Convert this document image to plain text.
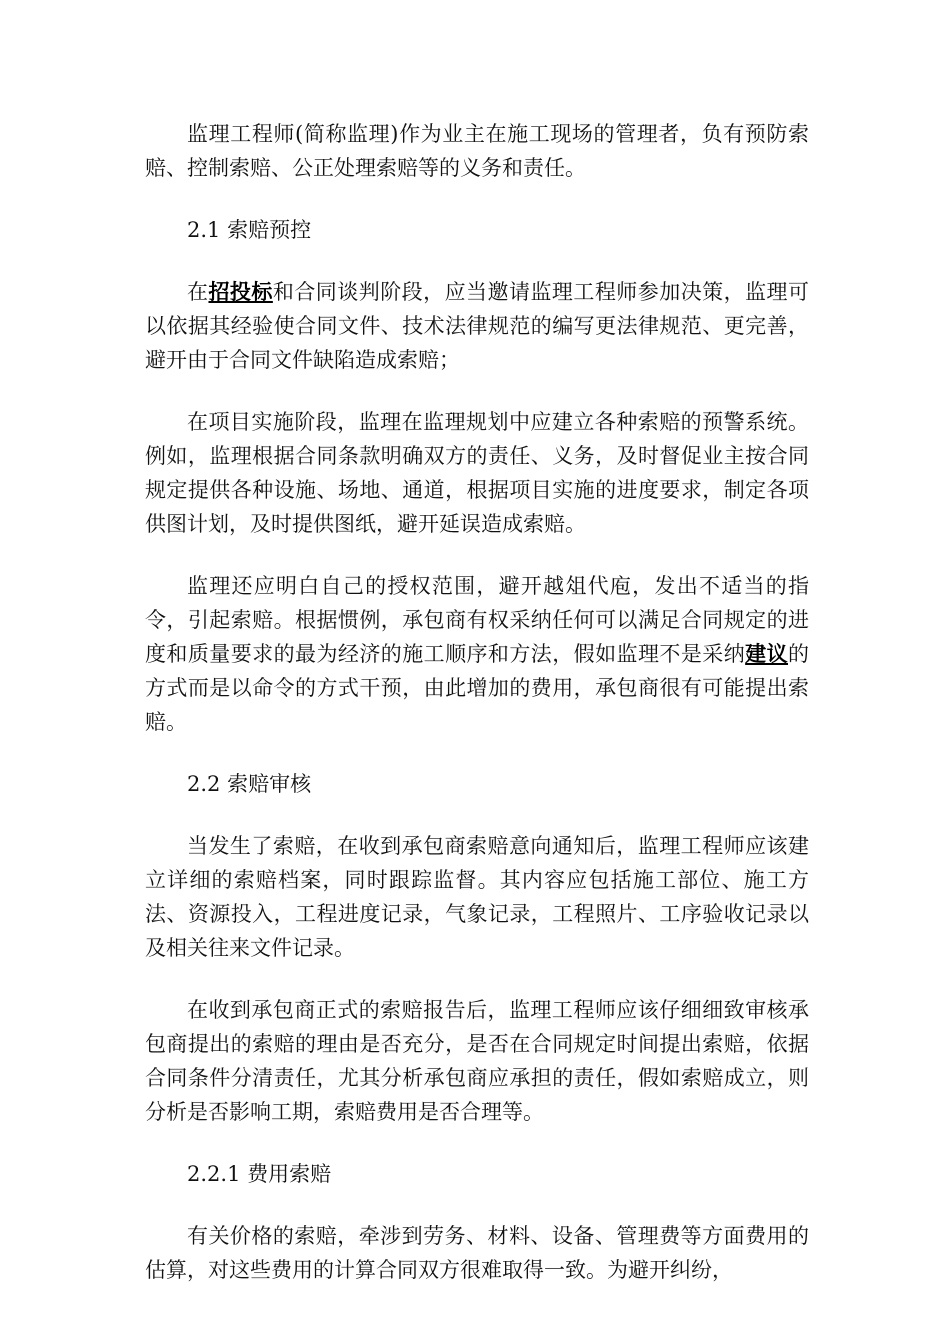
监理工程师(简称监理)作为业主在施工现场的管理者，负有预防索赔、控制索赔、公正处理索赔等的义务和责任。

2.1 索赔预控

在招投标和合同谈判阶段，应当邀请监理工程师参加决策，监理可以依据其经验使合同文件、技术法律规范的编写更法律规范、更完善，避开由于合同文件缺陷造成索赔；

在项目实施阶段，监理在监理规划中应建立各种索赔的预警系统。例如，监理根据合同条款明确双方的责任、义务，及时督促业主按合同规定提供各种设施、场地、通道，根据项目实施的进度要求，制定各项供图计划，及时提供图纸，避开延误造成索赔。

监理还应明白自己的授权范围，避开越俎代庖，发出不适当的指令，引起索赔。根据惯例，承包商有权采纳任何可以满足合同规定的进度和质量要求的最为经济的施工顺序和方法，假如监理不是采纳建议的方式而是以命令的方式干预，由此增加的费用，承包商很有可能提出索赔。

2.2 索赔审核

当发生了索赔，在收到承包商索赔意向通知后，监理工程师应该建立详细的索赔档案，同时跟踪监督。其内容应包括施工部位、施工方法、资源投入，工程进度记录，气象记录，工程照片、工序验收记录以及相关往来文件记录。

在收到承包商正式的索赔报告后，监理工程师应该仔细细致审核承包商提出的索赔的理由是否充分，是否在合同规定时间提出索赔，依据合同条件分清责任，尤其分析承包商应承担的责任，假如索赔成立，则分析是否影响工期，索赔费用是否合理等。

2.2.1 费用索赔

有关价格的索赔，牵涉到劳务、材料、设备、管理费等方面费用的估算，对这些费用的计算合同双方很难取得一致。为避开纠纷，
